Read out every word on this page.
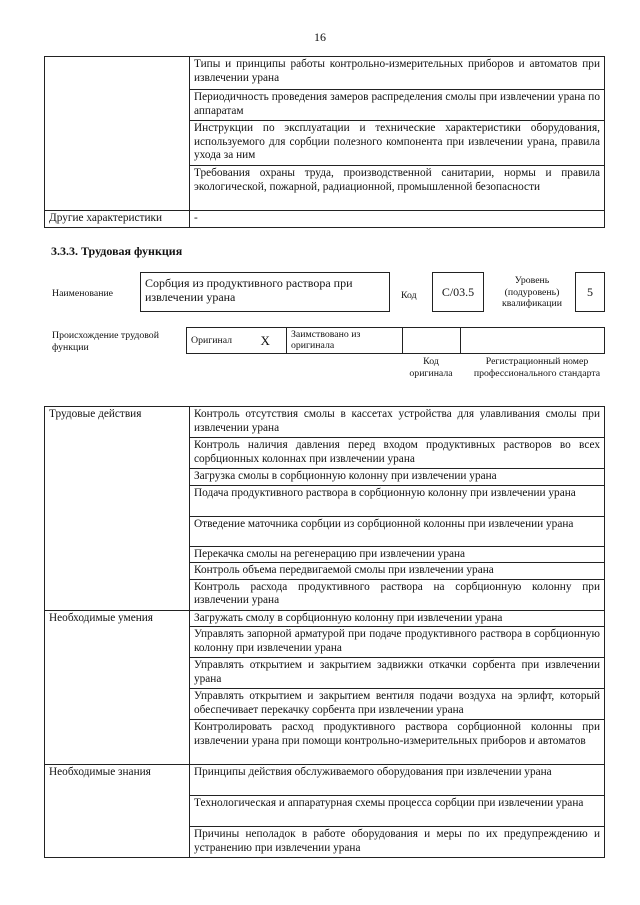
16
	Типы и принципы работы контрольно-измерительных приборов и автоматов при извлечении урана
	Периодичность проведения замеров распределения смолы при извлечении урана по аппаратам
	Инструкции по эксплуатации и технические характеристики оборудования, используемого для сорбции полезного компонента при извлечении урана, правила ухода за ним
	Требования охраны труда, производственной санитарии, нормы и правила экологической, пожарной, радиационной, промышленной безопасности
Другие характеристики	-
3.3.3. Трудовая функция
Наименование
Сорбция из продуктивного раствора при извлечении урана	Код	C/03.5
Уровень (подуровень) квалификации
5
Происхождение трудовой функции
Оригинал	X	Заимствовано из оригинала		
Код оригинала
Регистрационный номер профессионального стандарта
Трудовые действия	Контроль отсутствия смолы в кассетах устройства для улавливания смолы при извлечении урана
	Контроль наличия давления перед входом продуктивных растворов во всех сорбционных колоннах при извлечении урана
	Загрузка смолы в сорбционную колонну при извлечении урана
	Подача продуктивного раствора в сорбционную колонну при извлечении урана
	Отведение маточника сорбции из сорбционной колонны при извлечении урана
	Перекачка смолы на регенерацию при извлечении урана
	Контроль объема передвигаемой смолы при извлечении урана
	Контроль расхода продуктивного раствора на сорбционную колонну при извлечении урана
Необходимые умения	Загружать смолу в сорбционную колонну при извлечении урана
	Управлять запорной арматурой при подаче продуктивного раствора в сорбционную колонну при извлечении урана
	Управлять открытием и закрытием задвижки откачки сорбента при извлечении урана
	Управлять открытием и закрытием вентиля подачи воздуха на эрлифт, который обеспечивает перекачку сорбента при извлечении урана
	Контролировать расход продуктивного раствора сорбционной колонны при извлечении урана при помощи контрольно-измерительных приборов и автоматов
Необходимые знания	Принципы действия обслуживаемого оборудования при извлечении урана
	Технологическая и аппаратурная схемы процесса сорбции при извлечении урана
	Причины неполадок в работе оборудования и меры по их предупреждению и устранению при извлечении урана
